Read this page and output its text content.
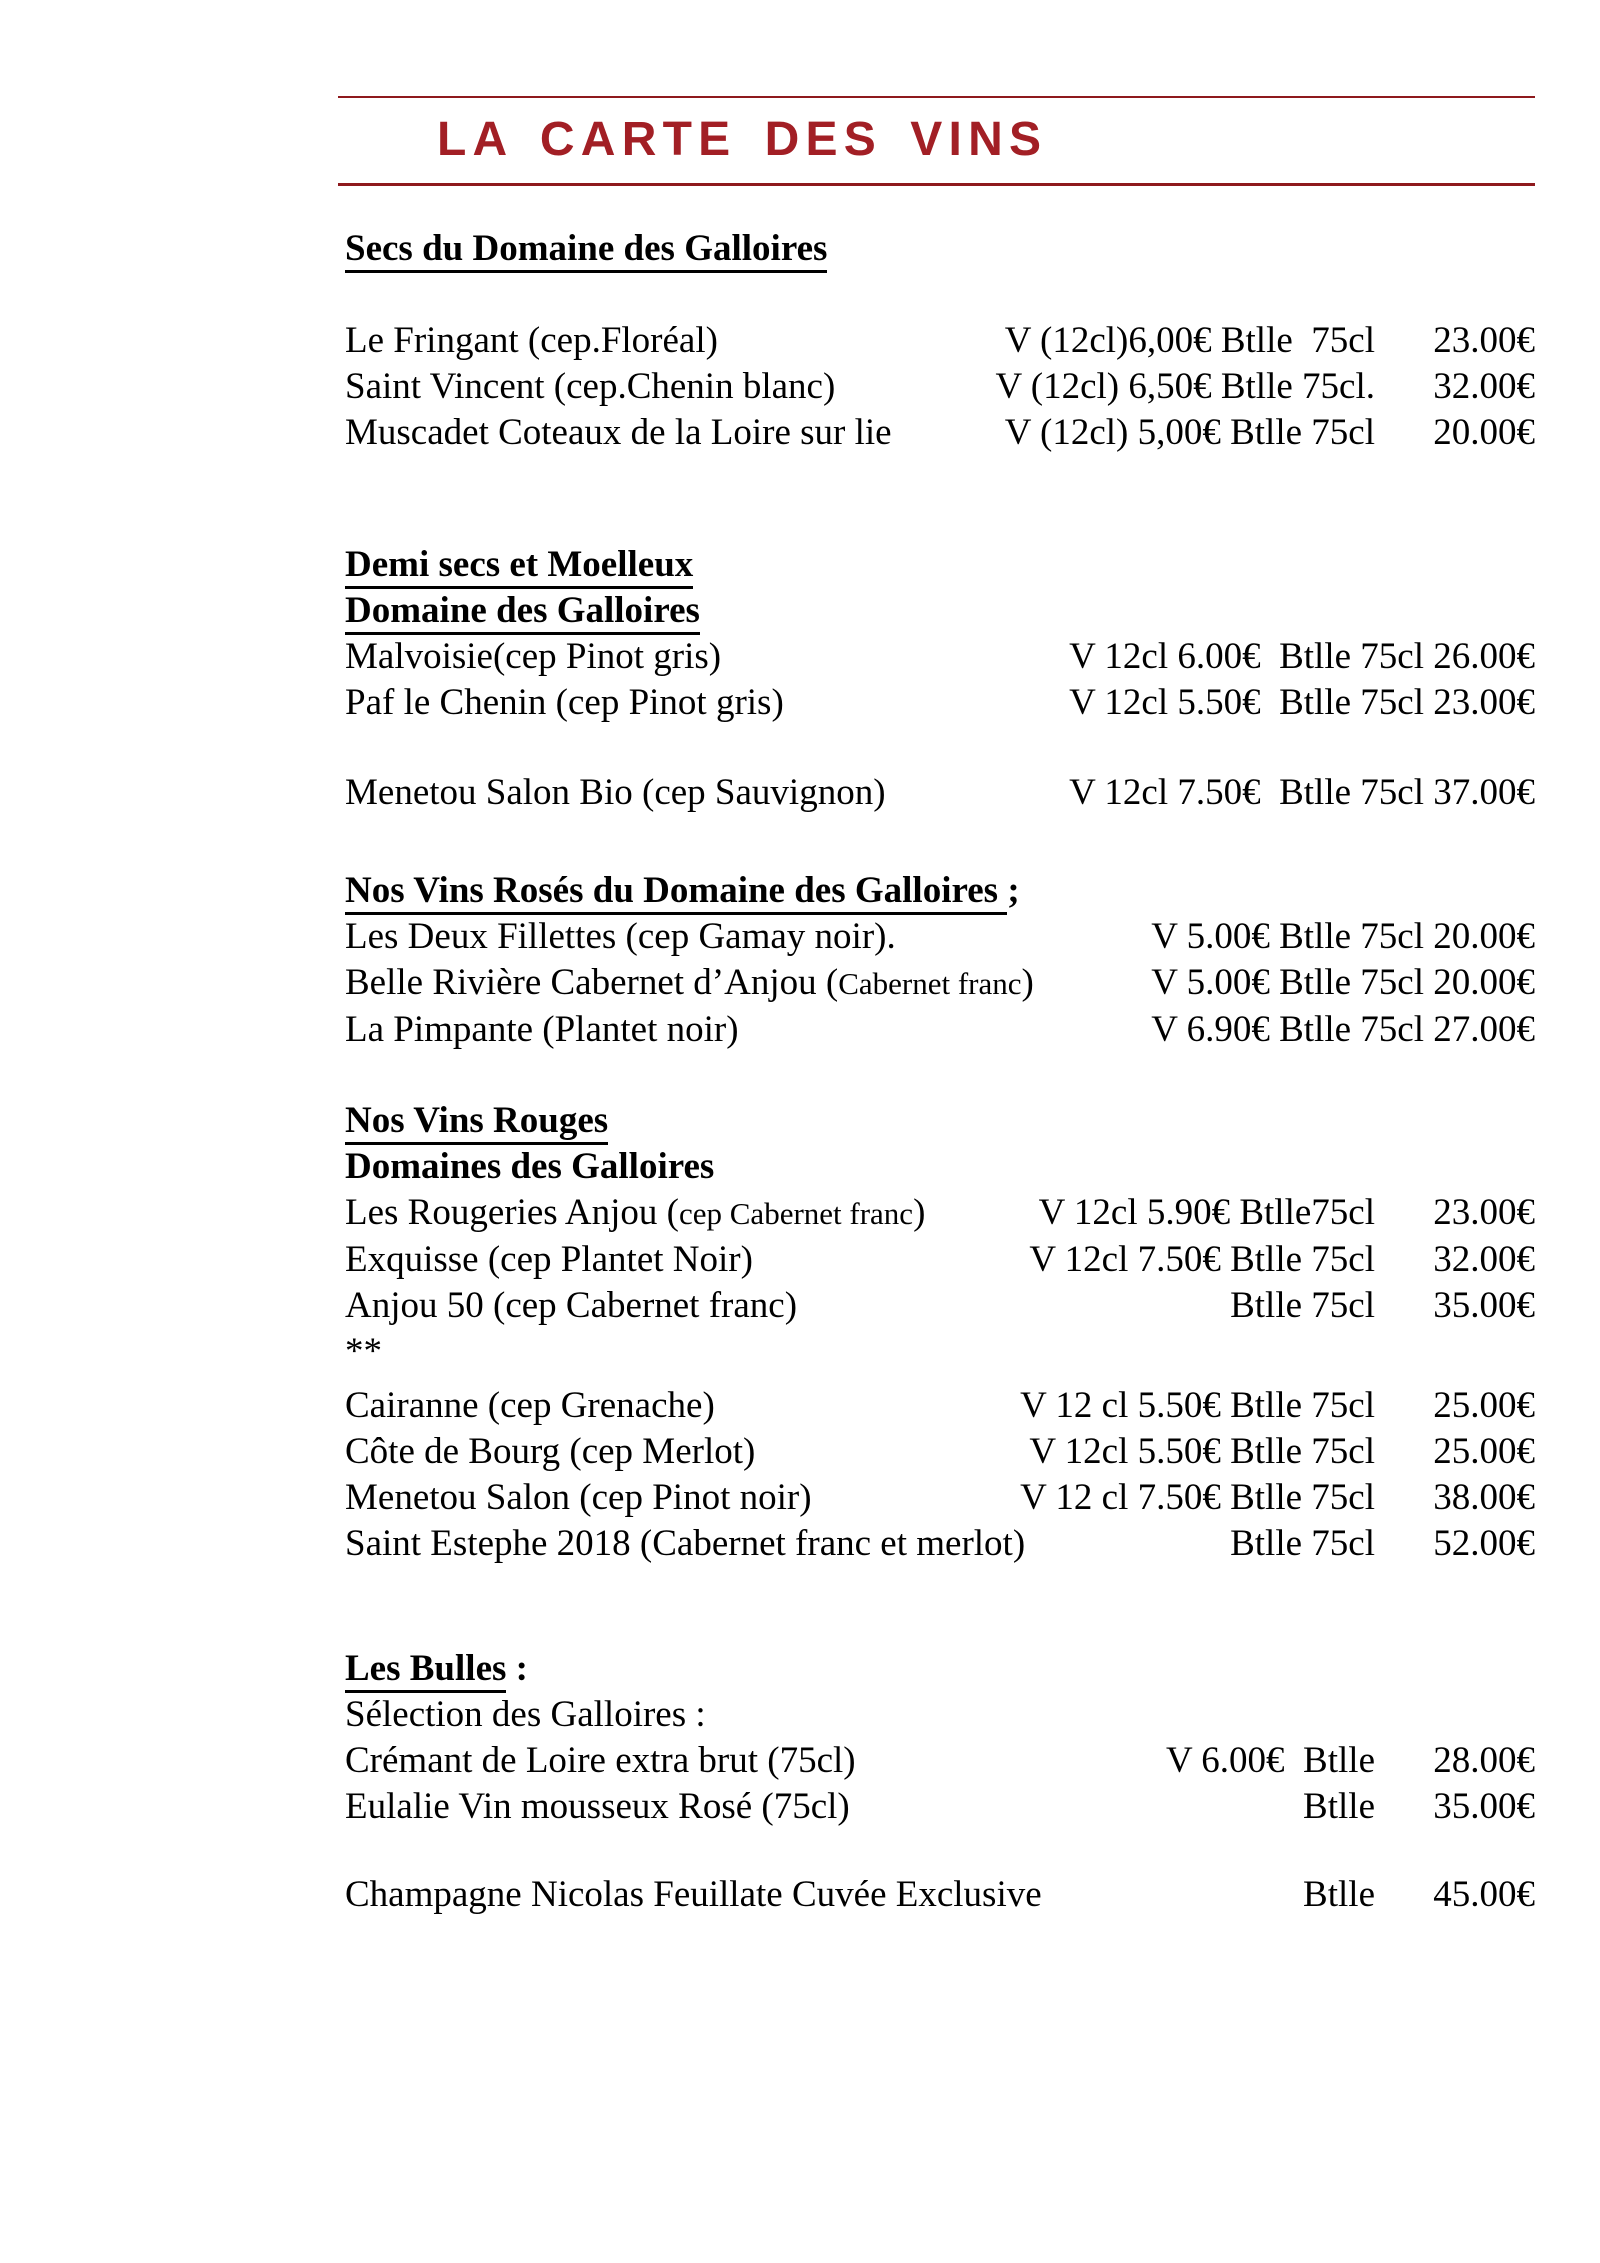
LA CARTE DES VINS
Secs du Domaine des Galloires
Le Fringant (cep.Floréal)	V (12cl)6,00€ Btlle  75cl	23.00€
Saint Vincent (cep.Chenin blanc)	V (12cl) 6,50€ Btlle 75cl.	32.00€
Muscadet Coteaux de la Loire sur lie	V (12cl) 5,00€ Btlle 75cl	20.00€
Demi secs et Moelleux
Domaine des Galloires
Malvoisie(cep Pinot gris)	V 12cl 6.00€  Btlle 75cl 26.00€
Paf le Chenin (cep Pinot gris)	V 12cl 5.50€  Btlle 75cl 23.00€
Menetou Salon Bio (cep Sauvignon)	V 12cl 7.50€  Btlle 75cl 37.00€
Nos Vins Rosés du Domaine des Galloires ;
Les Deux Fillettes (cep Gamay noir).	V 5.00€ Btlle 75cl 20.00€
Belle Rivière Cabernet d’Anjou (Cabernet franc)	V 5.00€ Btlle 75cl 20.00€
La Pimpante (Plantet noir)	V 6.90€ Btlle 75cl 27.00€
Nos Vins Rouges
Domaines des Galloires
Les Rougeries Anjou (cep Cabernet franc)	V 12cl 5.90€ Btlle75cl	23.00€
Exquisse (cep Plantet Noir)	V 12cl 7.50€ Btlle 75cl	32.00€
Anjou 50 (cep Cabernet franc)	Btlle 75cl	35.00€
**
Cairanne (cep Grenache)	V 12 cl 5.50€ Btlle 75cl	25.00€
Côte de Bourg (cep Merlot)	V 12cl 5.50€ Btlle 75cl	25.00€
Menetou Salon (cep Pinot noir)	V 12 cl 7.50€ Btlle 75cl	38.00€
Saint Estephe 2018 (Cabernet franc et merlot)	Btlle 75cl	52.00€
Les Bulles :
Sélection des Galloires :
Crémant de Loire extra brut (75cl)	V 6.00€  Btlle	28.00€
Eulalie Vin mousseux Rosé (75cl)	Btlle	35.00€
Champagne Nicolas Feuillate Cuvée Exclusive	Btlle	45.00€
